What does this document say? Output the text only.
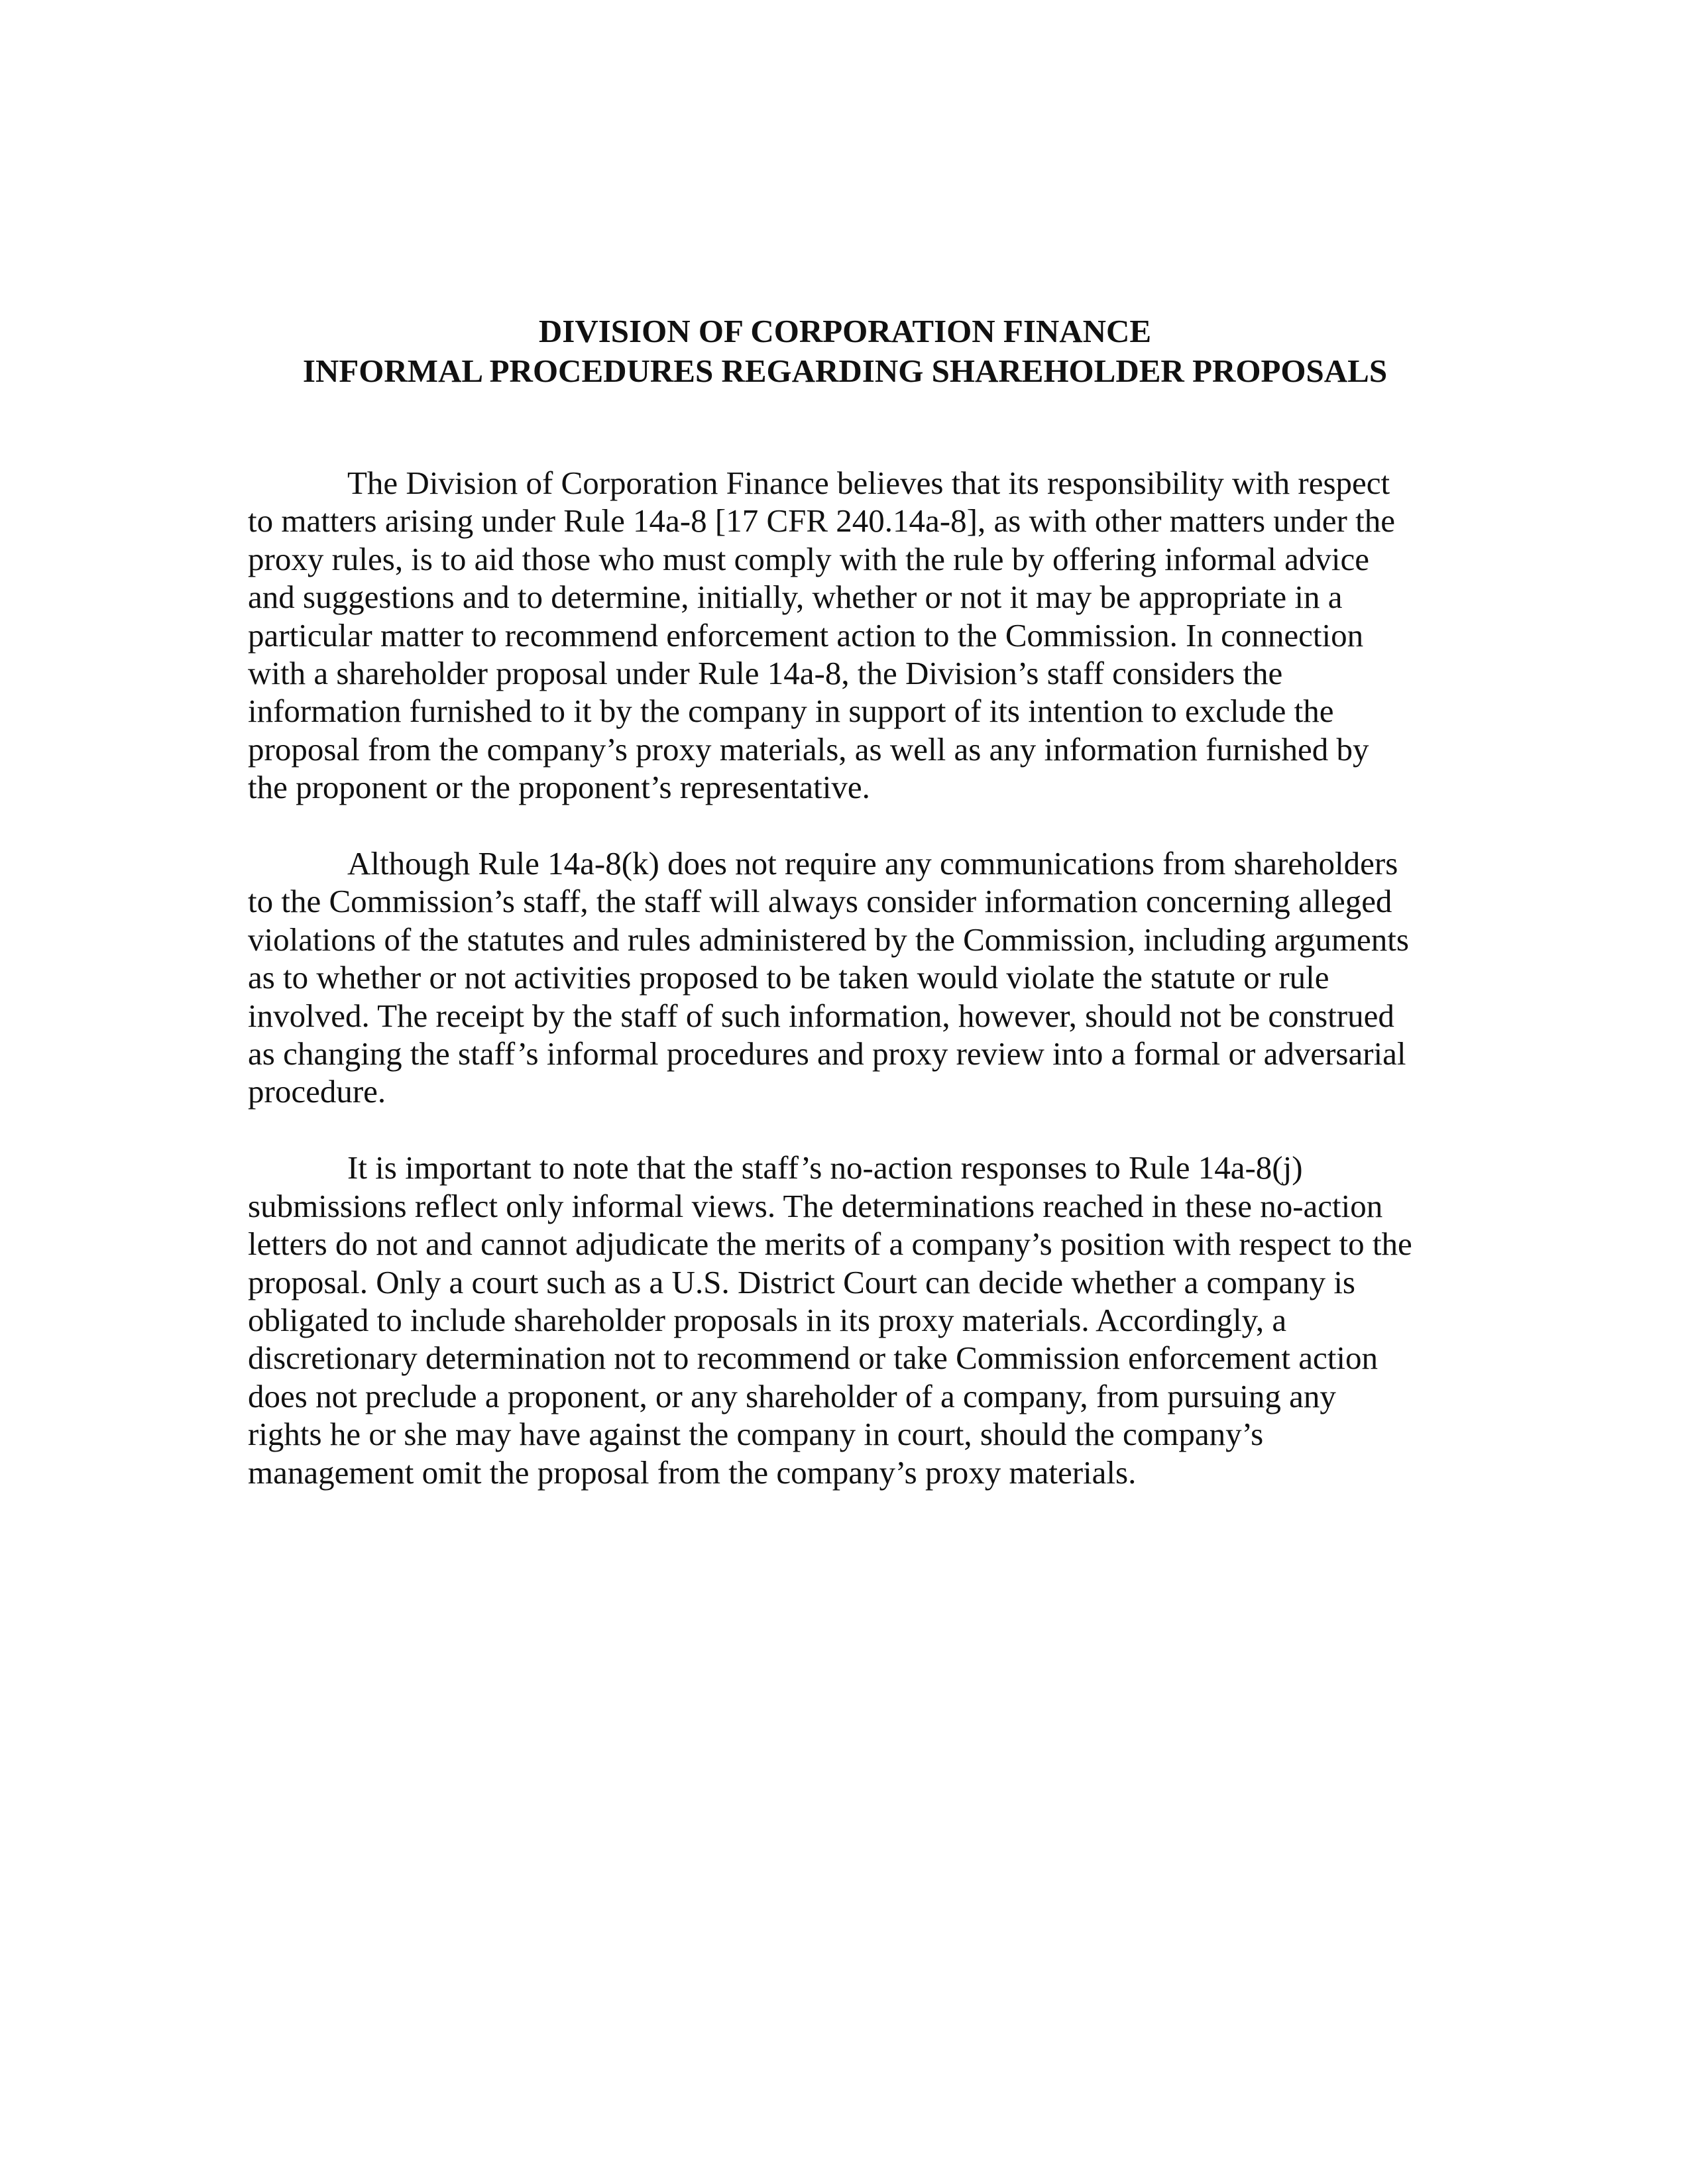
DIVISION OF CORPORATION FINANCE
INFORMAL PROCEDURES REGARDING SHAREHOLDER PROPOSALS
The Division of Corporation Finance believes that its responsibility with respect
to matters arising under Rule 14a-8 [17 CFR 240.14a-8], as with other matters under the
proxy rules, is to aid those who must comply with the rule by offering informal advice
and suggestions and to determine, initially, whether or not it may be appropriate in a
particular matter to recommend enforcement action to the Commission. In connection
with a shareholder proposal under Rule 14a-8, the Division’s staff considers the
information furnished to it by the company in support of its intention to exclude the
proposal from the company’s proxy materials, as well as any information furnished by
the proponent or the proponent’s representative.
Although Rule 14a-8(k) does not require any communications from shareholders
to the Commission’s staff, the staff will always consider information concerning alleged
violations of the statutes and rules administered by the Commission, including arguments
as to whether or not activities proposed to be taken would violate the statute or rule
involved. The receipt by the staff of such information, however, should not be construed
as changing the staff’s informal procedures and proxy review into a formal or adversarial
procedure.
It is important to note that the staff’s no-action responses to Rule 14a-8(j)
submissions reflect only informal views. The determinations reached in these no-action
letters do not and cannot adjudicate the merits of a company’s position with respect to the
proposal. Only a court such as a U.S. District Court can decide whether a company is
obligated to include shareholder proposals in its proxy materials. Accordingly, a
discretionary determination not to recommend or take Commission enforcement action
does not preclude a proponent, or any shareholder of a company, from pursuing any
rights he or she may have against the company in court, should the company’s
management omit the proposal from the company’s proxy materials.
